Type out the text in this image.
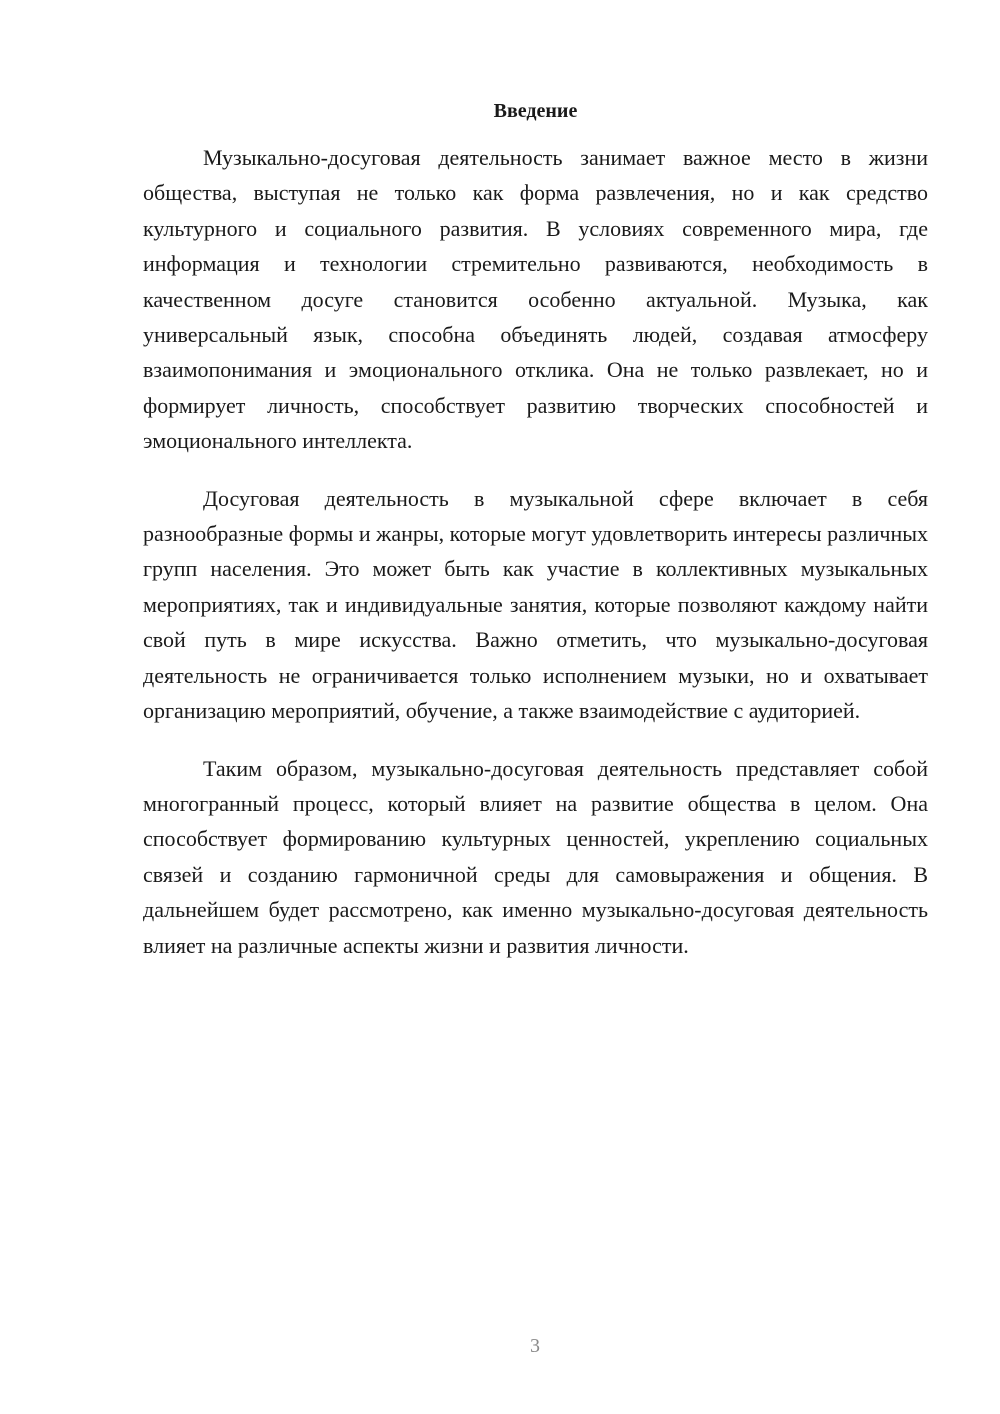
Введение

Музыкально-досуговая деятельность занимает важное место в жизни общества, выступая не только как форма развлечения, но и как средство культурного и социального развития. В условиях современного мира, где информация и технологии стремительно развиваются, необходимость в качественном досуге становится особенно актуальной. Музыка, как универсальный язык, способна объединять людей, создавая атмосферу взаимопонимания и эмоционального отклика. Она не только развлекает, но и формирует личность, способствует развитию творческих способностей и эмоционального интеллекта.

Досуговая деятельность в музыкальной сфере включает в себя разнообразные формы и жанры, которые могут удовлетворить интересы различных групп населения. Это может быть как участие в коллективных музыкальных мероприятиях, так и индивидуальные занятия, которые позволяют каждому найти свой путь в мире искусства. Важно отметить, что музыкально-досуговая деятельность не ограничивается только исполнением музыки, но и охватывает организацию мероприятий, обучение, а также взаимодействие с аудиторией.

Таким образом, музыкально-досуговая деятельность представляет собой многогранный процесс, который влияет на развитие общества в целом. Она способствует формированию культурных ценностей, укреплению социальных связей и созданию гармоничной среды для самовыражения и общения. В дальнейшем будет рассмотрено, как именно музыкально-досуговая деятельность влияет на различные аспекты жизни и развития личности.

3
